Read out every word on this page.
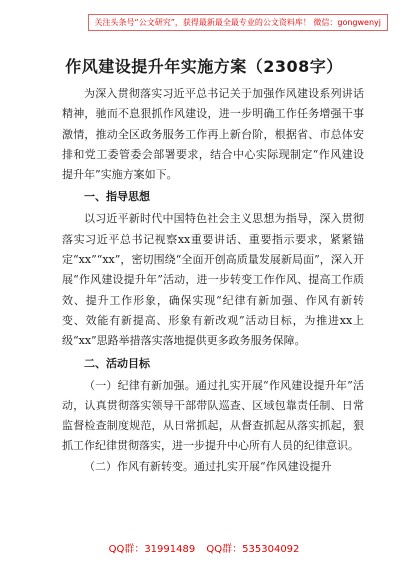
关注头条号“公文研究”，获得最新最全最专业的公文资料库！ 微信：gongwenyj
作风建设提升年实施方案（2308字）

为深入贯彻落实习近平总书记关于加强作风建设系列讲话精神，驰而不息狠抓作风建设，进一步明确工作任务增强干事激情，推动全区政务服务工作再上新台阶，根据省、市总体安排和党工委管委会部署要求，结合中心实际现制定“作风建设提升年”实施方案如下。

一、指导思想

以习近平新时代中国特色社会主义思想为指导，深入贯彻落实习近平总书记视察xx重要讲话、重要指示要求，紧紧锚定“xx”“xx”，密切围绕“全面开创高质量发展新局面”，深入开展“作风建设提升年”活动，进一步转变工作作风、提高工作质效、提升工作形象，确保实现“纪律有新加强、作风有新转变、效能有新提高、形象有新改观”活动目标，为推进xx上级“xx”思路举措落实落地提供更多政务服务保障。

二、活动目标

（一）纪律有新加强。通过扎实开展“作风建设提升年”活动，认真贯彻落实领导干部带队巡查、区域包靠责任制、日常监督检查制度规范，从日常抓起，从督查抓起从落实抓起，狠抓工作纪律贯彻落实，进一步提升中心所有人员的纪律意识。

（二）作风有新转变。通过扎实开展“作风建设提升

QQ群：31991489 QQ群：535304092
